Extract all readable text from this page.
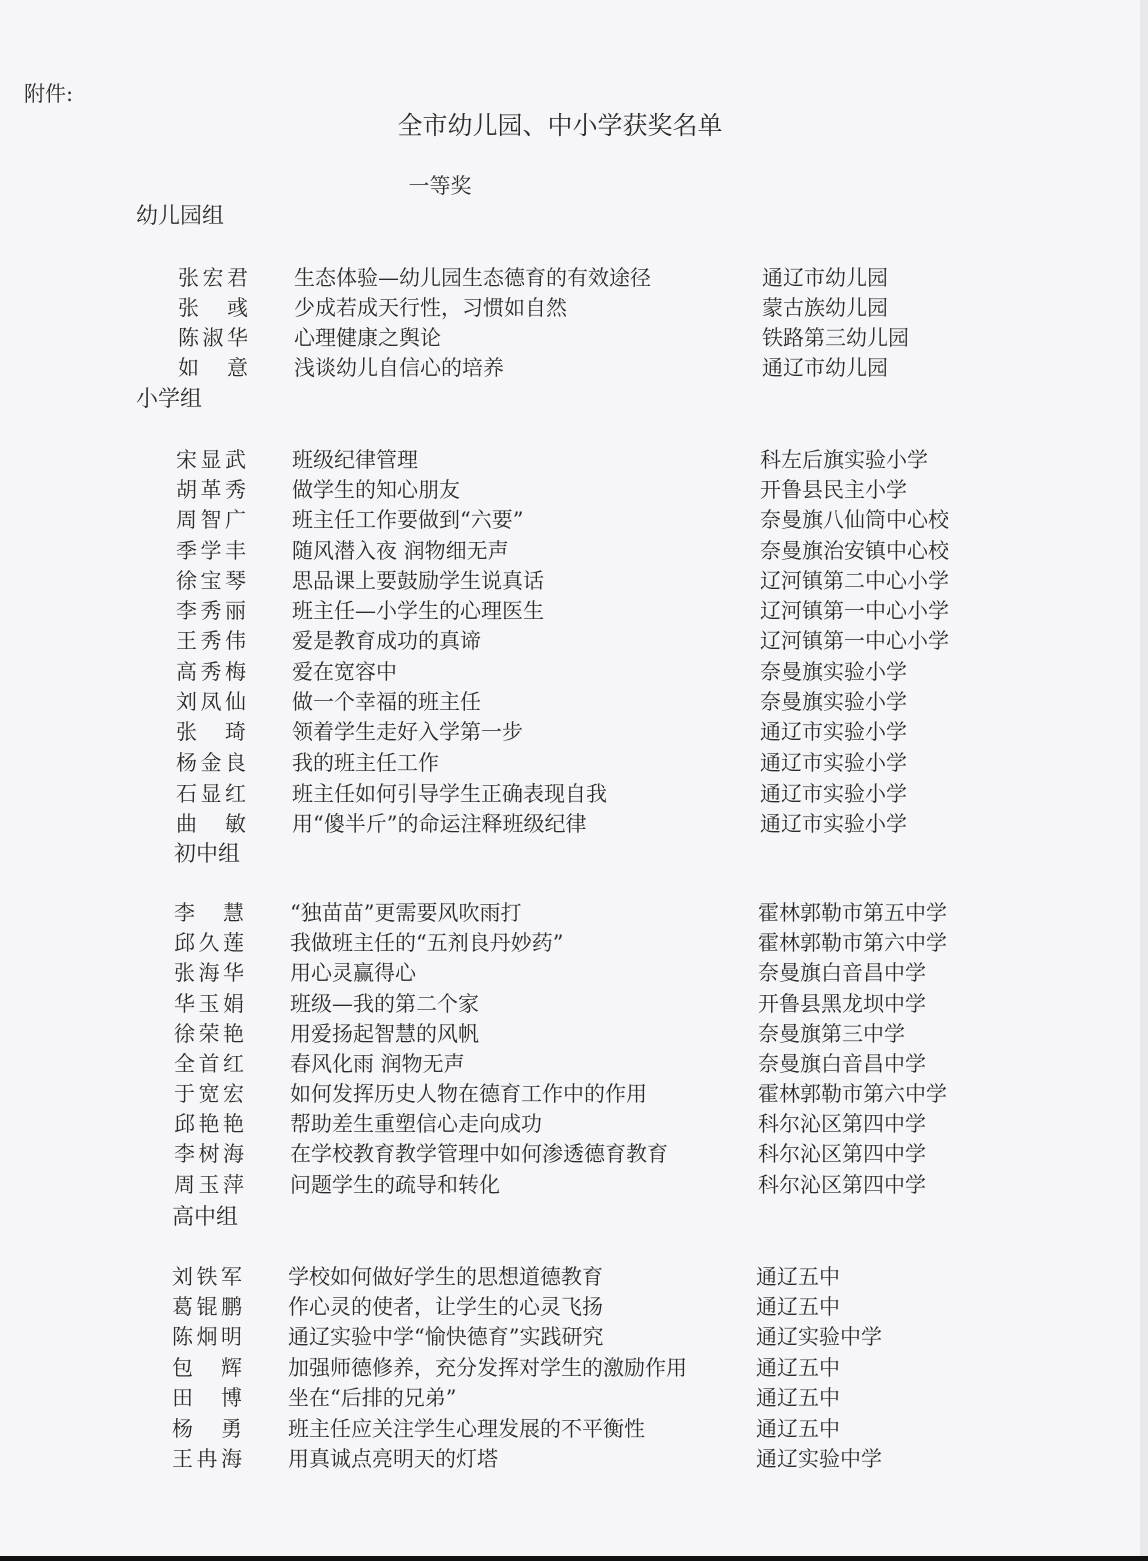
附件:
全市幼儿园、中小学获奖名单
一等奖
幼儿园组
张宏君 生态体验—幼儿园生态德育的有效途径	通辽市幼儿园
张 彧 少成若成天行性，习惯如自然	蒙古族幼儿园
陈淑华 心理健康之舆论	铁路第三幼儿园
如 意 浅谈幼儿自信心的培养	通辽市幼儿园
小学组
宋显武 班级纪律管理	科左后旗实验小学
胡革秀 做学生的知心朋友	开鲁县民主小学
周智广 班主任工作要做到“六要”	奈曼旗八仙筒中心校
季学丰 随风潜入夜 润物细无声	奈曼旗治安镇中心校
徐宝琴 思品课上要鼓励学生说真话	辽河镇第二中心小学
李秀丽 班主任—小学生的心理医生	辽河镇第一中心小学
王秀伟 爱是教育成功的真谛	辽河镇第一中心小学
高秀梅 爱在宽容中	奈曼旗实验小学
刘凤仙 做一个幸福的班主任	奈曼旗实验小学
张 琦 领着学生走好入学第一步	通辽市实验小学
杨金良 我的班主任工作	通辽市实验小学
石显红 班主任如何引导学生正确表现自我	通辽市实验小学
曲 敏 用“傻半斤”的命运注释班级纪律	通辽市实验小学
初中组
李 慧 “独苗苗”更需要风吹雨打	霍林郭勒市第五中学
邱久莲 我做班主任的“五剂良丹妙药”	霍林郭勒市第六中学
张海华 用心灵赢得心	奈曼旗白音昌中学
华玉娟 班级—我的第二个家	开鲁县黑龙坝中学
徐荣艳 用爱扬起智慧的风帆	奈曼旗第三中学
全首红 春风化雨 润物无声	奈曼旗白音昌中学
于宽宏 如何发挥历史人物在德育工作中的作用	霍林郭勒市第六中学
邱艳艳 帮助差生重塑信心走向成功	科尔沁区第四中学
李树海 在学校教育教学管理中如何渗透德育教育	科尔沁区第四中学
周玉萍 问题学生的疏导和转化	科尔沁区第四中学
高中组
刘铁军 学校如何做好学生的思想道德教育	通辽五中
葛锟鹏 作心灵的使者，让学生的心灵飞扬	通辽五中
陈炯明 通辽实验中学“愉快德育”实践研究	通辽实验中学
包 辉 加强师德修养，充分发挥对学生的激励作用	通辽五中
田 博 坐在“后排的兄弟”	通辽五中
杨 勇 班主任应关注学生心理发展的不平衡性	通辽五中
王冉海 用真诚点亮明天的灯塔	通辽实验中学
